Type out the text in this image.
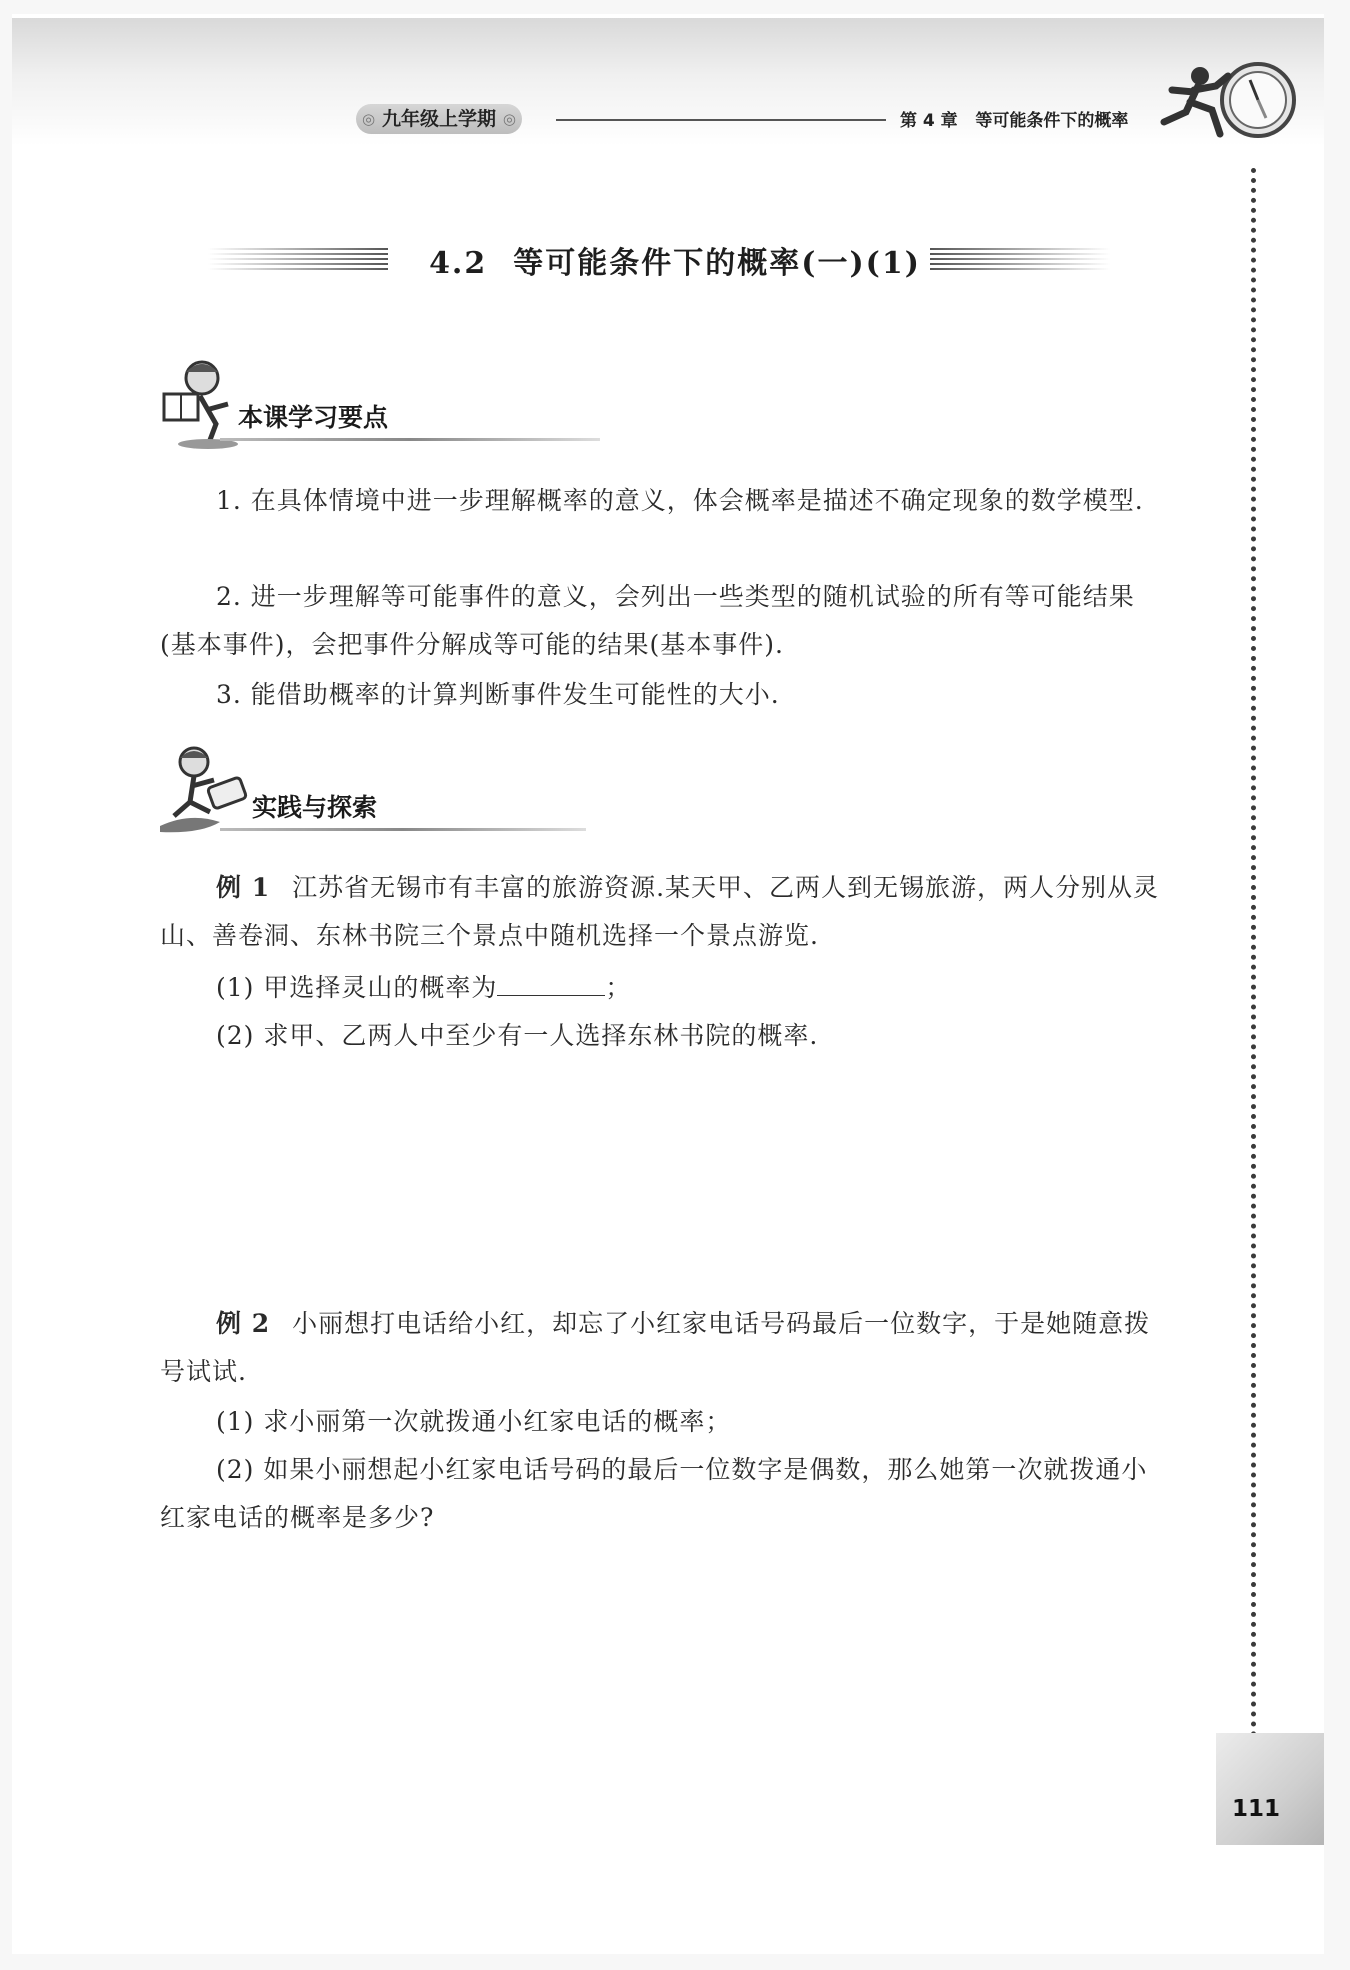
◎ 九年级上学期 ◎	第 4 章   等可能条件下的概率
4.2 等可能条件下的概率(一)(1)
本课学习要点
1. 在具体情境中进一步理解概率的意义，体会概率是描述不确定现象的数学模型.
2. 进一步理解等可能事件的意义，会列出一些类型的随机试验的所有等可能结果(基本事件)，会把事件分解成等可能的结果(基本事件).
3. 能借助概率的计算判断事件发生可能性的大小.
实践与探索
例 1 江苏省无锡市有丰富的旅游资源.某天甲、乙两人到无锡旅游，两人分别从灵山、善卷洞、东林书院三个景点中随机选择一个景点游览.
(1) 甲选择灵山的概率为	；
(2) 求甲、乙两人中至少有一人选择东林书院的概率.
例 2 小丽想打电话给小红，却忘了小红家电话号码最后一位数字，于是她随意拨号试试.
(1) 求小丽第一次就拨通小红家电话的概率；
(2) 如果小丽想起小红家电话号码的最后一位数字是偶数，那么她第一次就拨通小红家电话的概率是多少?
111
